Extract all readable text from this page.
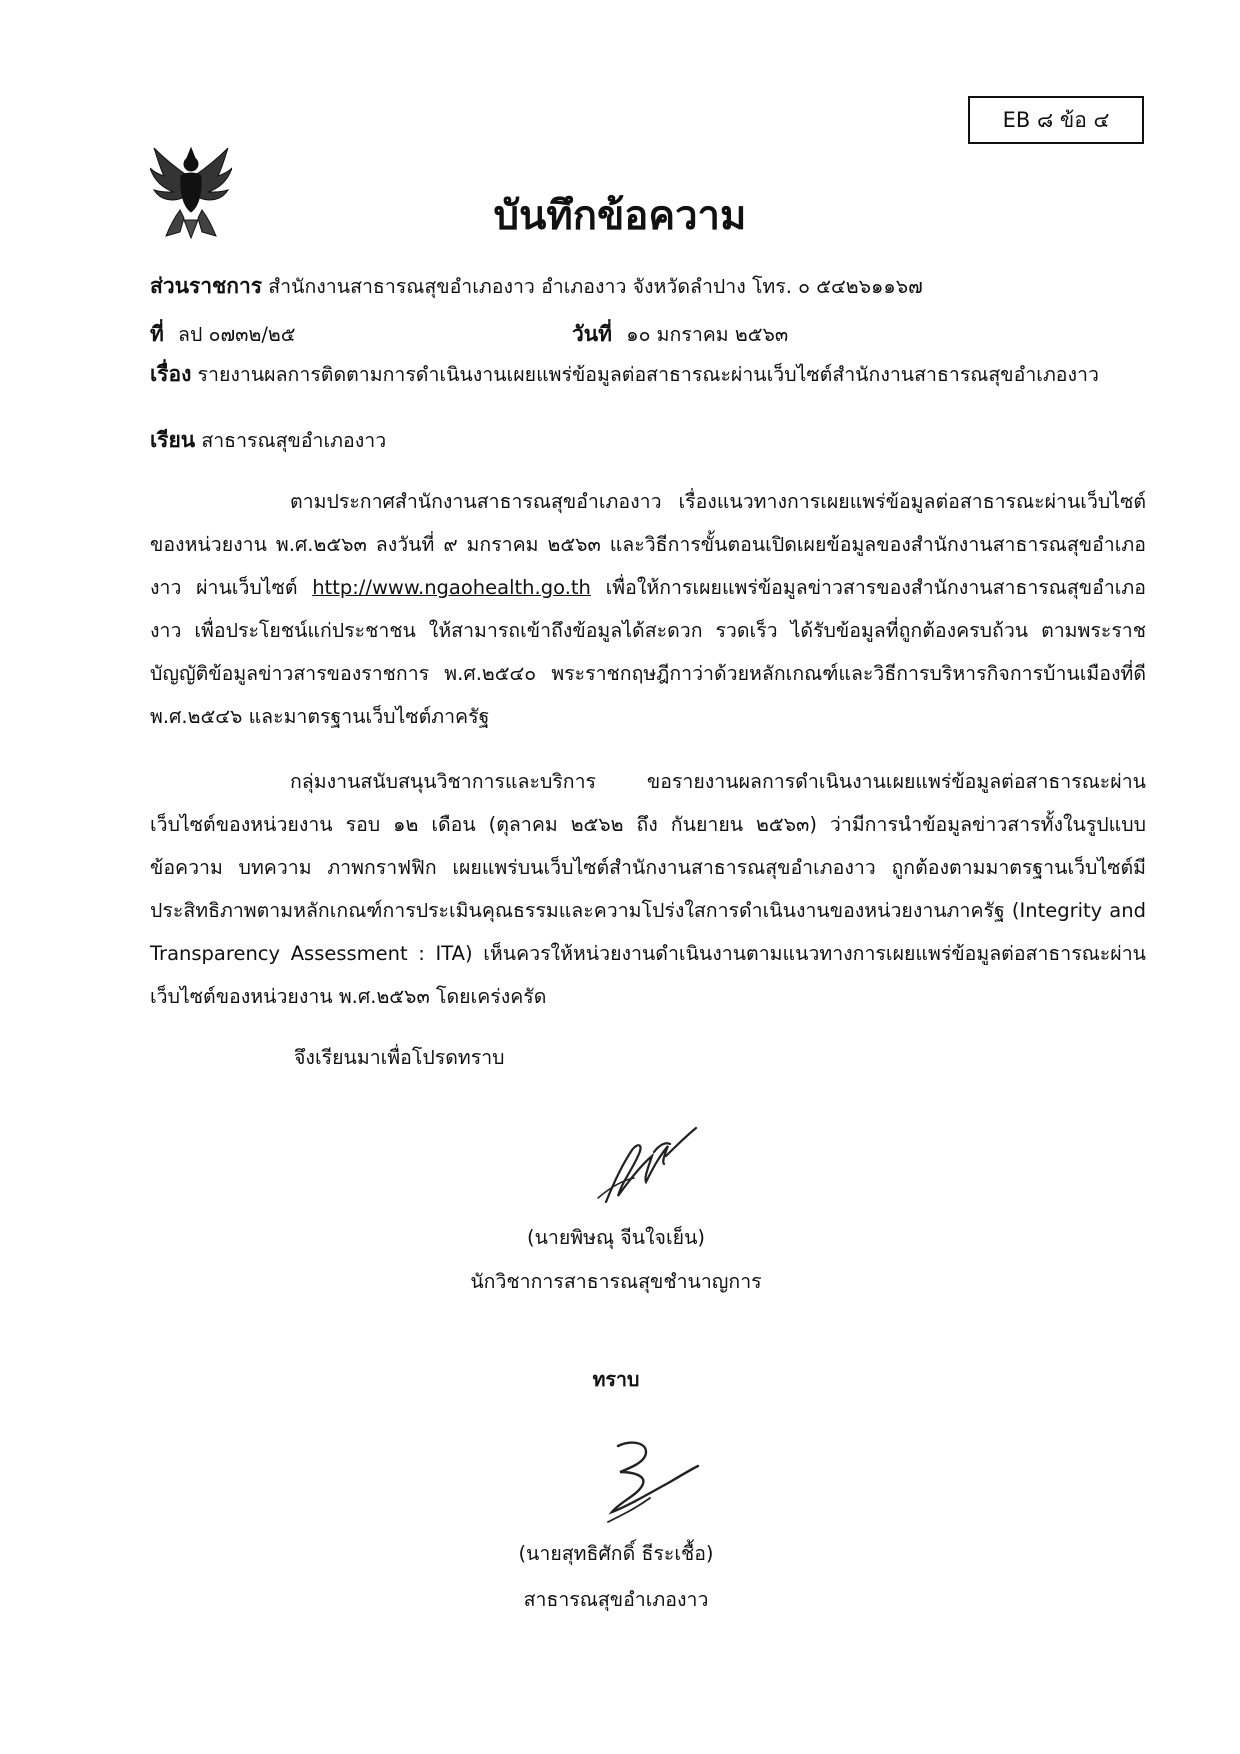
EB ๘ ข้อ ๔
บันทึกข้อความ
ส่วนราชการ สำนักงานสาธารณสุขอำเภองาว อำเภองาว จังหวัดลำปาง โทร. ๐ ๕๔๒๖๑๑๖๗
ที่ ลป ๐๗๓๒/๒๕	วันที่ ๑๐ มกราคม ๒๕๖๓
เรื่อง รายงานผลการติดตามการดำเนินงานเผยแพร่ข้อมูลต่อสาธารณะผ่านเว็บไซต์สำนักงานสาธารณสุขอำเภองาว
เรียน สาธารณสุขอำเภองาว
ตามประกาศสำนักงานสาธารณสุขอำเภองาว เรื่องแนวทางการเผยแพร่ข้อมูลต่อสาธารณะผ่านเว็บไซต์ของหน่วยงาน พ.ศ.๒๕๖๓ ลงวันที่ ๙ มกราคม ๒๕๖๓ และวิธีการขั้นตอนเปิดเผยข้อมูลของสำนักงานสาธารณสุขอำเภองาว ผ่านเว็บไซต์ http://www.ngaohealth.go.th เพื่อให้การเผยแพร่ข้อมูลข่าวสารของสำนักงานสาธารณสุขอำเภองาว เพื่อประโยชน์แก่ประชาชน ให้สามารถเข้าถึงข้อมูลได้สะดวก รวดเร็ว ได้รับข้อมูลที่ถูกต้องครบถ้วน ตามพระราชบัญญัติข้อมูลข่าวสารของราชการ พ.ศ.๒๕๔๐ พระราชกฤษฎีกาว่าด้วยหลักเกณฑ์และวิธีการบริหารกิจการบ้านเมืองที่ดี พ.ศ.๒๕๔๖ และมาตรฐานเว็บไซต์ภาครัฐ
กลุ่มงานสนับสนุนวิชาการและบริการ ขอรายงานผลการดำเนินงานเผยแพร่ข้อมูลต่อสาธารณะผ่านเว็บไซต์ของหน่วยงาน รอบ ๑๒ เดือน (ตุลาคม ๒๕๖๒ ถึง กันยายน ๒๕๖๓) ว่ามีการนำข้อมูลข่าวสารทั้งในรูปแบบข้อความ บทความ ภาพกราฟฟิก เผยแพร่บนเว็บไซต์สำนักงานสาธารณสุขอำเภองาว ถูกต้องตามมาตรฐานเว็บไซต์มีประสิทธิภาพตามหลักเกณฑ์การประเมินคุณธรรมและความโปร่งใสการดำเนินงานของหน่วยงานภาครัฐ (Integrity and Transparency Assessment : ITA) เห็นควรให้หน่วยงานดำเนินงานตามแนวทางการเผยแพร่ข้อมูลต่อสาธารณะผ่านเว็บไซต์ของหน่วยงาน พ.ศ.๒๕๖๓ โดยเคร่งครัด
จึงเรียนมาเพื่อโปรดทราบ
(นายพิษณุ จีนใจเย็น)
นักวิชาการสาธารณสุขชำนาญการ
ทราบ
(นายสุทธิศักดิ์ ธีระเชื้อ)
สาธารณสุขอำเภองาว
